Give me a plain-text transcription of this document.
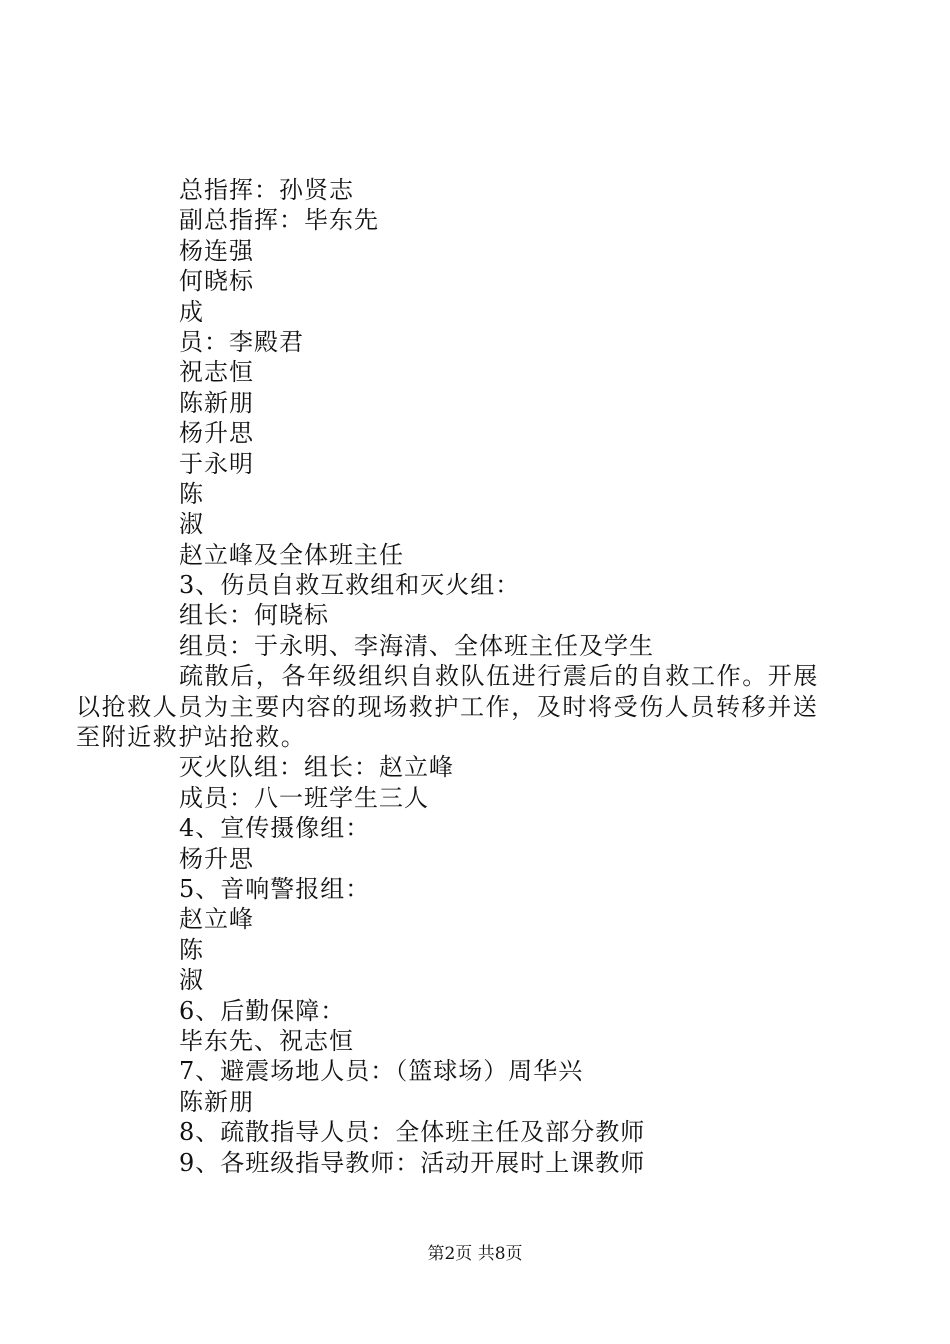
总指挥：孙贤志
副总指挥：毕东先
杨连强
何晓标
成
员：李殿君
祝志恒
陈新朋
杨升思
于永明
陈
淑
赵立峰及全体班主任
3、伤员自救互救组和灭火组：
组长：何晓标
组员：于永明、李海清、全体班主任及学生
疏散后，各年级组织自救队伍进行震后的自救工作。开展以抢救人员为主要内容的现场救护工作，及时将受伤人员转移并送至附近救护站抢救。
灭火队组：组长：赵立峰
成员：八一班学生三人
4、宣传摄像组：
杨升思
5、音响警报组：
赵立峰
陈
淑
6、后勤保障：
毕东先、祝志恒
7、避震场地人员：（篮球场）周华兴
陈新朋
8、疏散指导人员：全体班主任及部分教师
9、各班级指导教师：活动开展时上课教师
第2页 共8页
